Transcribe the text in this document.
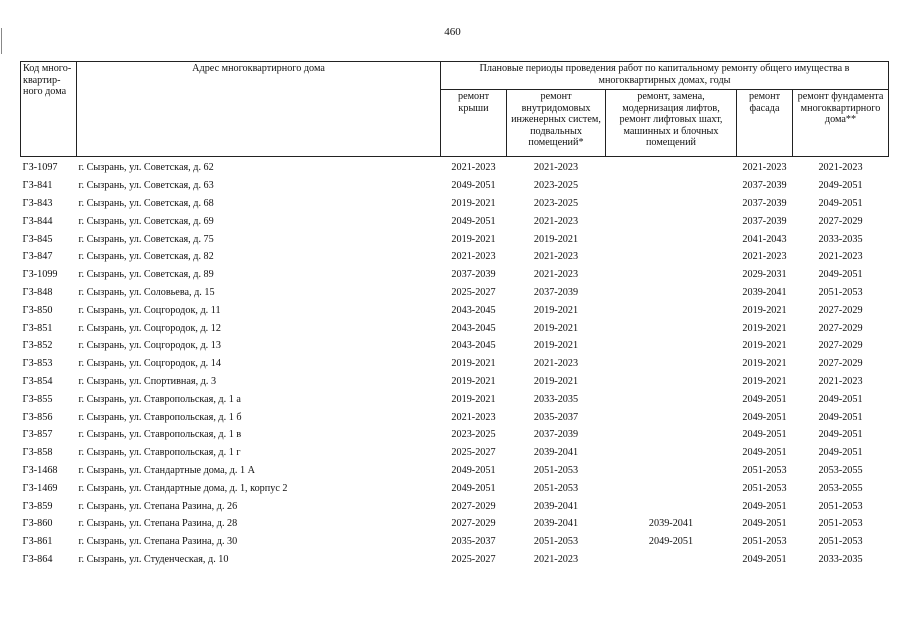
460
Код много-
квартир-
ного дома	Адрес многоквартирного дома	Плановые периоды проведения работ по капитальному ремонту общего имущества в многоквартирных домах, годы				
		ремонт
крыши	ремонт
внутридомовых
инженерных систем,
подвальных
помещений*	ремонт, замена,
модернизация лифтов,
ремонт лифтовых шахт,
машинных и блочных
помещений	ремонт
фасада	ремонт фундамента
многоквартирного
дома**
ГЗ-1097	г. Сызрань, ул. Советская, д. 62	2021-2023	2021-2023		2021-2023	2021-2023
ГЗ-841	г. Сызрань, ул. Советская, д. 63	2049-2051	2023-2025		2037-2039	2049-2051
ГЗ-843	г. Сызрань, ул. Советская, д. 68	2019-2021	2023-2025		2037-2039	2049-2051
ГЗ-844	г. Сызрань, ул. Советская, д. 69	2049-2051	2021-2023		2037-2039	2027-2029
ГЗ-845	г. Сызрань, ул. Советская, д. 75	2019-2021	2019-2021		2041-2043	2033-2035
ГЗ-847	г. Сызрань, ул. Советская, д. 82	2021-2023	2021-2023		2021-2023	2021-2023
ГЗ-1099	г. Сызрань, ул. Советская, д. 89	2037-2039	2021-2023		2029-2031	2049-2051
ГЗ-848	г. Сызрань, ул. Соловьева, д. 15	2025-2027	2037-2039		2039-2041	2051-2053
ГЗ-850	г. Сызрань, ул. Соцгородок, д. 11	2043-2045	2019-2021		2019-2021	2027-2029
ГЗ-851	г. Сызрань, ул. Соцгородок, д. 12	2043-2045	2019-2021		2019-2021	2027-2029
ГЗ-852	г. Сызрань, ул. Соцгородок, д. 13	2043-2045	2019-2021		2019-2021	2027-2029
ГЗ-853	г. Сызрань, ул. Соцгородок, д. 14	2019-2021	2021-2023		2019-2021	2027-2029
ГЗ-854	г. Сызрань, ул. Спортивная, д. 3	2019-2021	2019-2021		2019-2021	2021-2023
ГЗ-855	г. Сызрань, ул. Ставропольская, д. 1 а	2019-2021	2033-2035		2049-2051	2049-2051
ГЗ-856	г. Сызрань, ул. Ставропольская, д. 1 б	2021-2023	2035-2037		2049-2051	2049-2051
ГЗ-857	г. Сызрань, ул. Ставропольская, д. 1 в	2023-2025	2037-2039		2049-2051	2049-2051
ГЗ-858	г. Сызрань, ул. Ставропольская, д. 1 г	2025-2027	2039-2041		2049-2051	2049-2051
ГЗ-1468	г. Сызрань, ул. Стандартные дома, д. 1 А	2049-2051	2051-2053		2051-2053	2053-2055
ГЗ-1469	г. Сызрань, ул. Стандартные дома, д. 1, корпус 2	2049-2051	2051-2053		2051-2053	2053-2055
ГЗ-859	г. Сызрань, ул. Степана Разина, д. 26	2027-2029	2039-2041		2049-2051	2051-2053
ГЗ-860	г. Сызрань, ул. Степана Разина, д. 28	2027-2029	2039-2041	2039-2041	2049-2051	2051-2053
ГЗ-861	г. Сызрань, ул. Степана Разина, д. 30	2035-2037	2051-2053	2049-2051	2051-2053	2051-2053
ГЗ-864	г. Сызрань, ул. Студенческая, д. 10	2025-2027	2021-2023		2049-2051	2033-2035
